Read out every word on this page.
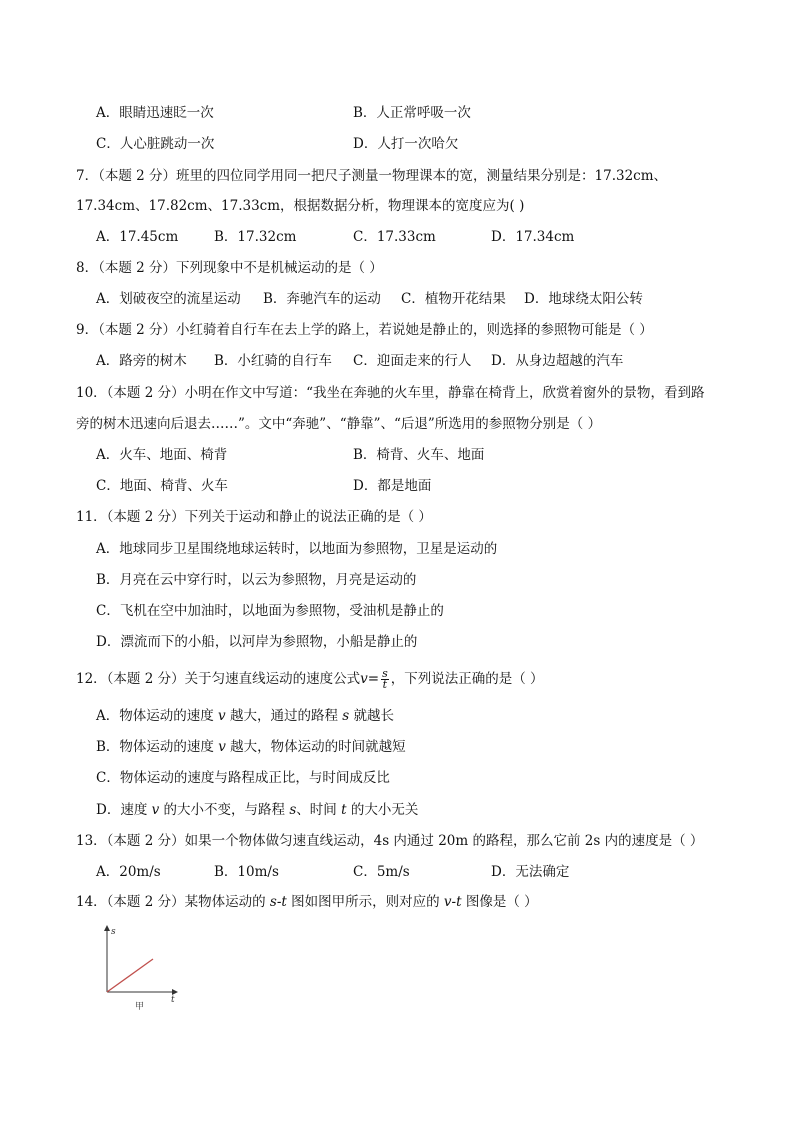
A．眼睛迅速眨一次	B．人正常呼吸一次
C．人心脏跳动一次	D．人打一次哈欠
7．（本题 2 分）班里的四位同学用同一把尺子测量一物理课本的宽，测量结果分别是：17.32cm、
17.34cm、17.82cm、17.33cm，根据数据分析，物理课本的宽度应为( )
A．17.45cm	B．17.32cm	C．17.33cm	D．17.34cm
8．（本题 2 分）下列现象中不是机械运动的是（ ）
A．划破夜空的流星运动 B．奔驰汽车的运动 C．植物开花结果 D．地球绕太阳公转
9．（本题 2 分）小红骑着自行车在去上学的路上，若说她是静止的，则选择的参照物可能是（ ）
A．路旁的树木 B．小红骑的自行车 C．迎面走来的行人 D．从身边超越的汽车
10．（本题 2 分）小明在作文中写道：“我坐在奔驰的火车里，静靠在椅背上，欣赏着窗外的景物，看到路
旁的树木迅速向后退去……”。文中“奔驰”、“静靠”、“后退”所选用的参照物分别是（ ）
A．火车、地面、椅背	B．椅背、火车、地面
C．地面、椅背、火车	D．都是地面
11．（本题 2 分）下列关于运动和静止的说法正确的是（ ）
A．地球同步卫星围绕地球运转时，以地面为参照物，卫星是运动的
B．月亮在云中穿行时，以云为参照物，月亮是运动的
C．飞机在空中加油时，以地面为参照物，受油机是静止的
D．漂流而下的小船，以河岸为参照物，小船是静止的
12．（本题 2 分）关于匀速直线运动的速度公式$v= \frac{s}{t}$ ，下列说法正确的是（ ）
A．物体运动的速度 v 越大，通过的路程 s 就越长
B．物体运动的速度 v 越大，物体运动的时间就越短
C．物体运动的速度与路程成正比，与时间成反比
D．速度 v 的大小不变，与路程 s、时间 t 的大小无关
13．（本题 2 分）如果一个物体做匀速直线运动，4s 内通过 20m 的路程，那么它前 2s 内的速度是（ ）
A．20m/s	B．10m/s	C．5m/s	D．无法确定
14．（本题 2 分）某物体运动的 s-t 图如图甲所示，则对应的 v-t 图像是（ ）
s
t
甲
